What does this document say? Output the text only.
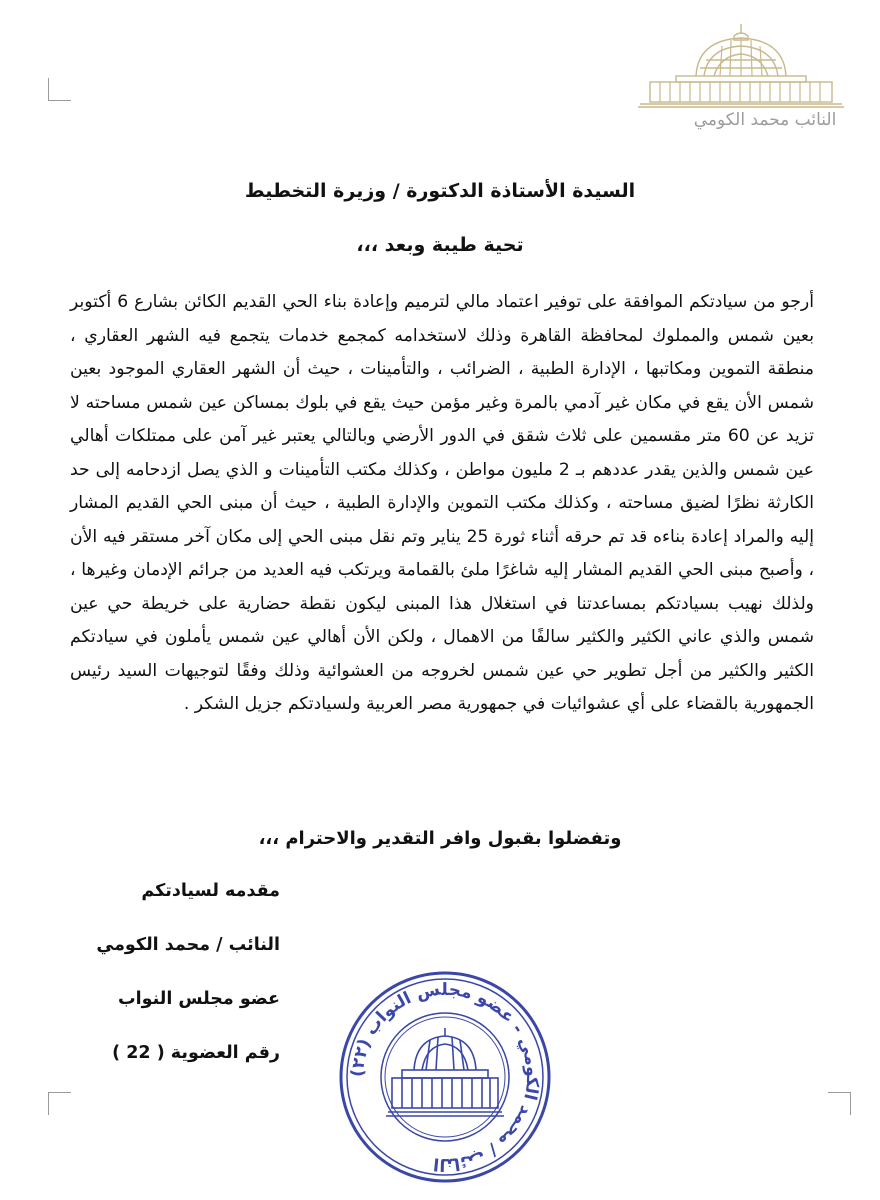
النائب محمد الكومي
السيدة الأستاذة الدكتورة / وزيرة التخطيط
تحية طيبة وبعد ،،،
أرجو من سيادتكم الموافقة على توفير اعتماد مالي لترميم وإعادة بناء الحي القديم الكائن بشارع 6 أكتوبر بعين شمس والمملوك لمحافظة القاهرة وذلك لاستخدامه كمجمع خدمات يتجمع فيه الشهر العقاري ، منطقة التموين ومكاتبها ، الإدارة الطبية ، الضرائب ، والتأمينات ، حيث أن الشهر العقاري الموجود بعين شمس الأن يقع في مكان غير آدمي بالمرة وغير مؤمن حيث يقع في بلوك بمساكن عين شمس مساحته لا تزيد عن 60 متر مقسمين على ثلاث شقق في الدور الأرضي وبالتالي يعتبر غير آمن على ممتلكات أهالي عين شمس والذين يقدر عددهم بـ 2 مليون مواطن ، وكذلك مكتب التأمينات و الذي يصل ازدحامه إلى حد الكارثة نظرًا لضيق مساحته ، وكذلك مكتب التموين والإدارة الطبية ، حيث أن مبنى الحي القديم المشار إليه والمراد إعادة بناءه قد تم حرقه أثناء ثورة 25 يناير وتم نقل مبنى الحي إلى مكان آخر مستقر فيه الأن ، وأصبح مبنى الحي القديم المشار إليه شاغرًا ملئ بالقمامة ويرتكب فيه العديد من جرائم الإدمان وغيرها ، ولذلك نهيب بسيادتكم بمساعدتنا في استغلال هذا المبنى ليكون نقطة حضارية على خريطة حي عين شمس والذي عاني الكثير والكثير سالفًا من الاهمال ، ولكن الأن أهالي عين شمس يأملون في سيادتكم الكثير والكثير من أجل تطوير حي عين شمس لخروجه من العشوائية وذلك وفقًا لتوجيهات السيد رئيس الجمهورية بالقضاء على أي عشوائيات في جمهورية مصر العربية ولسيادتكم جزيل الشكر .
وتفضلوا بقبول وافر التقدير والاحترام ،،،
مقدمه لسيادتكم
النائب / محمد الكومي
عضو مجلس النواب
رقم العضوية ( 22 )
النائب / محمد الكومي - عضو مجلس النواب (٢٢)
